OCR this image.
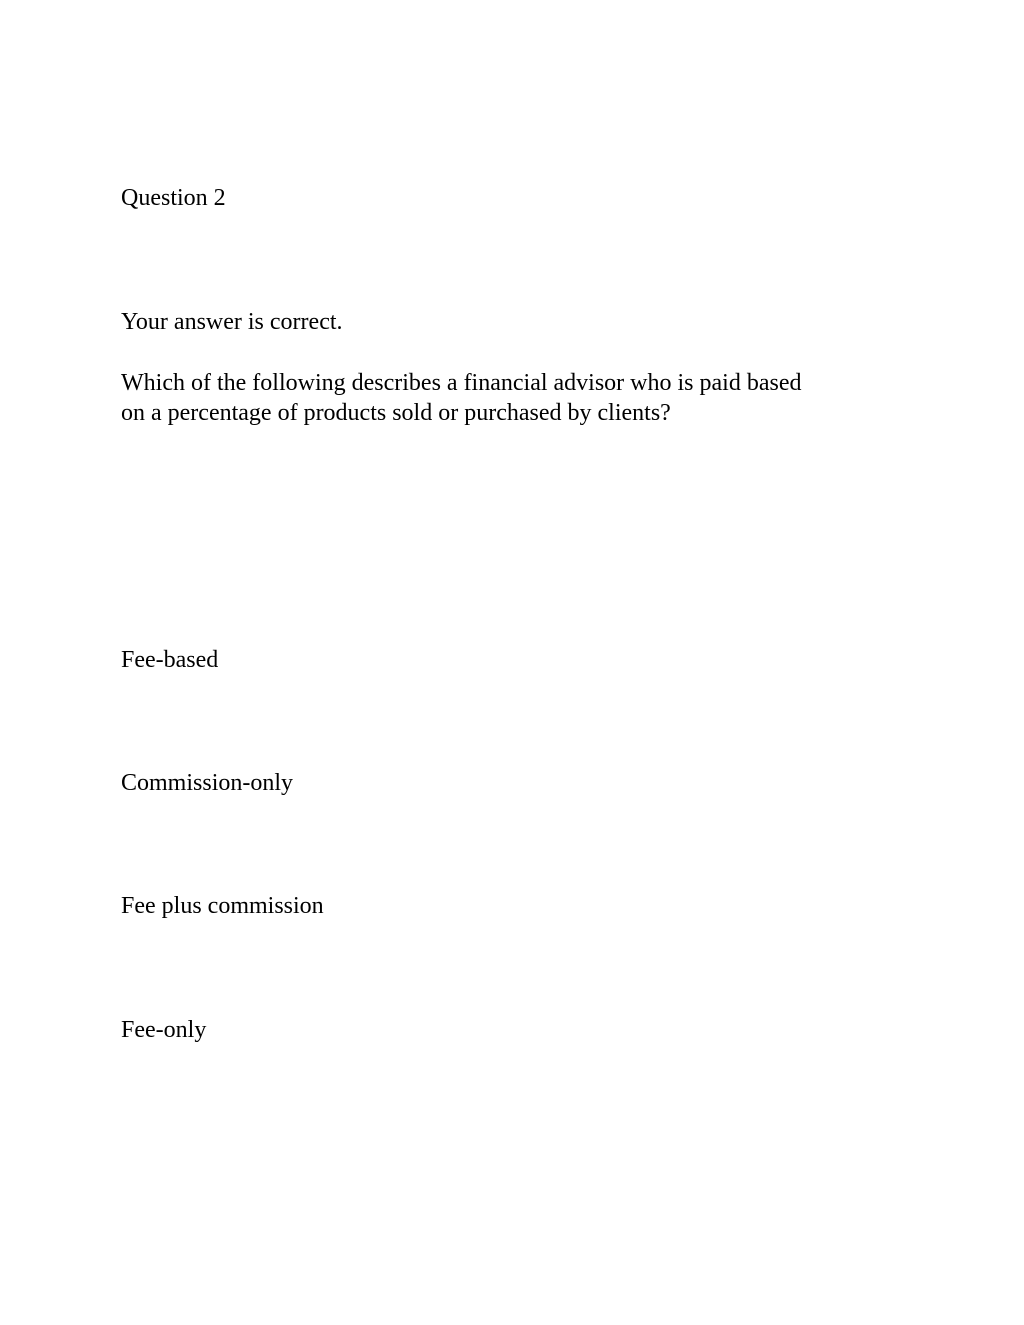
Question 2

Your answer is correct.

Which of the following describes a financial advisor who is paid based
on a percentage of products sold or purchased by clients?

Fee-based

Commission-only

Fee plus commission

Fee-only
